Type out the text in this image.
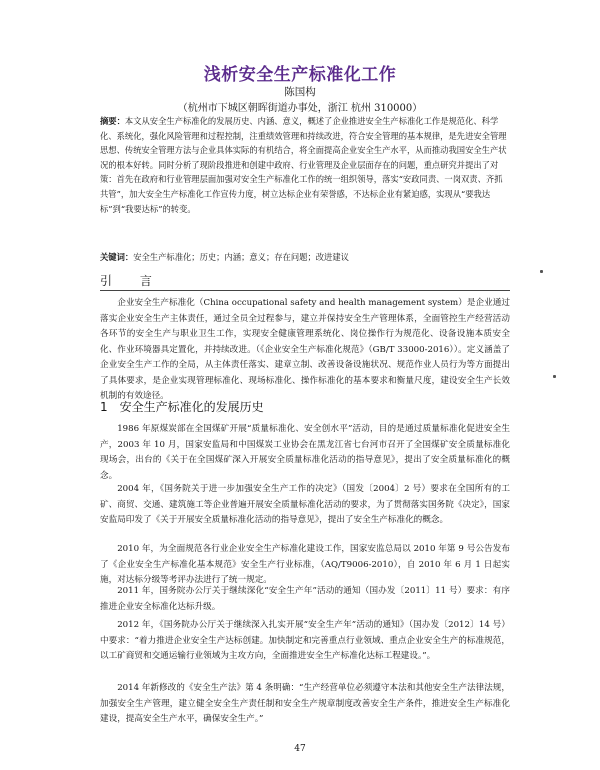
浅析安全生产标准化工作
陈国构
（杭州市下城区朝晖街道办事处，浙江 杭州 310000）
摘要：本文从安全生产标准化的发展历史、内涵、意义，概述了企业推进安全生产标准化工作是规范化、科学化、系统化，强化风险管理和过程控制，注重绩效管理和持续改进，符合安全管理的基本规律，是先进安全管理思想、传统安全管理方法与企业具体实际的有机结合，将全面提高企业安全生产水平，从而推动我国安全生产状况的根本好转。同时分析了现阶段推进和创建中政府、行业管理及企业层面存在的问题，重点研究并提出了对策：首先在政府和行业管理层面加强对安全生产标准化工作的统一组织领导，落实“安政同责、一岗双责、齐抓共管”，加大安全生产标准化工作宣传力度，树立达标企业有荣誉感，不达标企业有紧迫感，实现从“要我达标”到“我要达标”的转变。
关键词：安全生产标准化；历史；内涵；意义；存在问题；改进建议
引 言
企业安全生产标准化（China occupational safety and health management system）是企业通过落实企业安全生产主体责任，通过全员全过程参与，建立并保持安全生产管理体系，全面管控生产经营活动各环节的安全生产与职业卫生工作，实现安全健康管理系统化、岗位操作行为规范化、设备设施本质安全化、作业环境器具定置化，并持续改进。（《企业安全生产标准化规范》（GB/T 33000-2016））。定义涵盖了企业安全生产工作的全局，从主体责任落实、建章立制、改善设备设施状况、规范作业人员行为等方面提出了具体要求，是企业实现管理标准化、现场标准化、操作标准化的基本要求和衡量尺度，建设安全生产长效机制的有效途径。
1 安全生产标准化的发展历史
1986 年原煤炭部在全国煤矿开展“质量标准化、安全创水平”活动，目的是通过质量标准化促进安全生产，2003 年 10 月，国家安监局和中国煤炭工业协会在黑龙江省七台河市召开了全国煤矿安全质量标准化现场会，出台的《关于在全国煤矿深入开展安全质量标准化活动的指导意见》，提出了安全质量标准化的概念。
2004 年，《国务院关于进一步加强安全生产工作的决定》（国发〔2004〕2 号）要求在全国所有的工矿、商贸、交通、建筑施工等企业普遍开展安全质量标准化活动的要求，为了贯彻落实国务院《决定》，国家安监局印发了《关于开展安全质量标准化活动的指导意见》，提出了安全生产标准化的概念。
2010 年，为全面规范各行业企业安全生产标准化建设工作，国家安监总局以 2010 年第 9 号公告发布了《企业安全生产标准化基本规范》安全生产行业标准，（AQ/T9006-2010），自 2010 年 6 月 1 日起实施，对达标分级等考评办法进行了统一规定。
2011 年，国务院办公厅关于继续深化“安全生产年”活动的通知（国办发〔2011〕11 号）要求：有序推进企业安全标准化达标升级。
2012 年，《国务院办公厅关于继续深入扎实开展“安全生产年”活动的通知》（国办发〔2012〕14 号）中要求：“着力推进企业安全生产达标创建。加快制定和完善重点行业领域、重点企业安全生产的标准规范，以工矿商贸和交通运输行业领域为主攻方向，全面推进安全生产标准化达标工程建设。”。
2014 年新修改的《安全生产法》第 4 条明确：“生产经营单位必须遵守本法和其他安全生产法律法规，加强安全生产管理，建立健全安全生产责任制和安全生产规章制度改善安全生产条件，推进安全生产标准化建设，提高安全生产水平，确保安全生产。”
47
